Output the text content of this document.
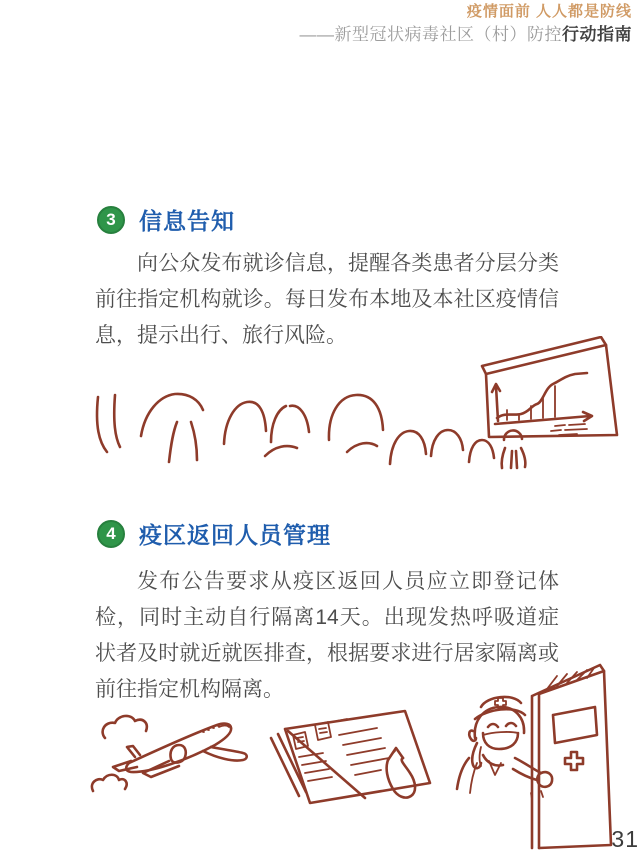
疫情面前 人人都是防线
——新型冠状病毒社区（村）防控行动指南
3	信息告知
向公众发布就诊信息，提醒各类患者分层分类前往指定机构就诊。每日发布本地及本社区疫情信息，提示出行、旅行风险。
4	疫区返回人员管理
发布公告要求从疫区返回人员应立即登记体检，同时主动自行隔离14天。出现发热呼吸道症状者及时就近就医排查，根据要求进行居家隔离或前往指定机构隔离。
31
